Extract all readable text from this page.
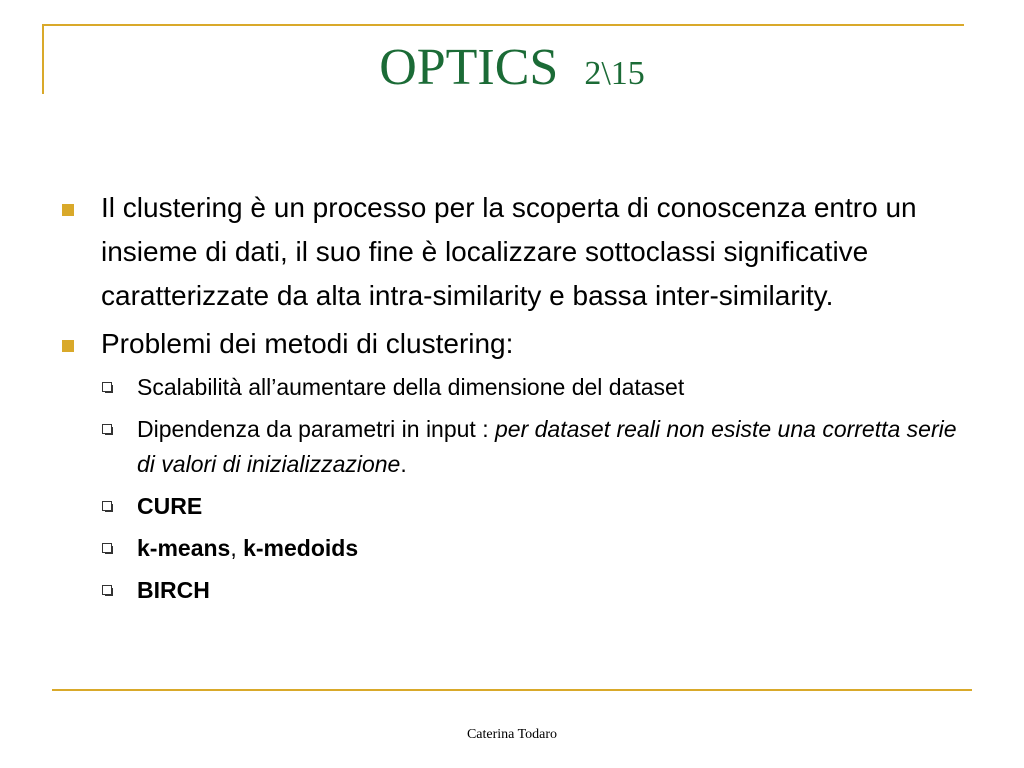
OPTICS 2\15
Il clustering è un processo per la scoperta di conoscenza entro un insieme di dati, il suo fine è localizzare sottoclassi significative caratterizzate da alta intra-similarity e bassa inter-similarity.
Problemi dei metodi di clustering:
Scalabilità all’aumentare della dimensione del dataset
Dipendenza da parametri in input : per dataset reali non esiste una corretta serie di valori di inizializzazione.
CURE
k-means, k-medoids
BIRCH
Caterina Todaro
